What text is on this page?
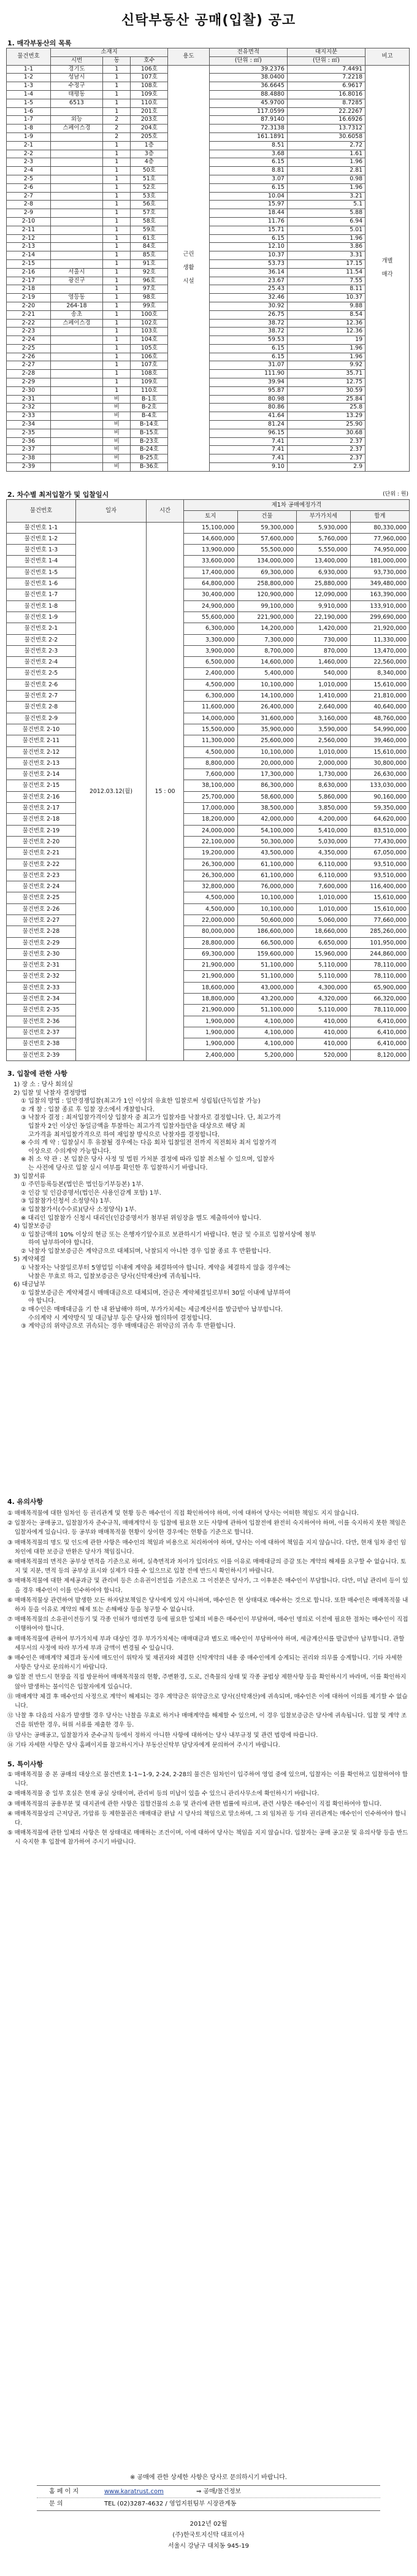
신탁부동산 공매(입찰) 공고
1. 매각부동산의 목록
물건번호	소재지			용도	전유면적	대지지분	비고
	시번	동	호수		(단위 : ㎡)	(단위 : ㎡)	
1-1	경기도	1	106호	근린생활시설	39.2376	7.4491	개별매각
1-2	성남시	1	107호		38.0400	7.2218	
1-3	수정구	1	108호		36.6645	6.9617	
1-4	태평동	1	109호		88.4880	16.8016	
1-5	6513	1	110호		45.9700	8.7285	
1-6		1	201호		117.0599	22.2267	
1-7	외능	2	203호		87.9140	16.6926	
1-8	스페이스경	2	204호		72.3138	13.7312	
1-9		2	205호		161.1891	30.6058	
2-1		1	1층		8.51	2.72	
2-2		1	3층		3.68	1.61	
2-3		1	4층		6.15	1.96	
2-4		1	50호		8.81	2.81	
2-5		1	51호		3.07	0.98	
2-6		1	52호		6.15	1.96	
2-7		1	53호		10.04	3.21	
2-8		1	56호		15.97	5.1	
2-9		1	57호		18.44	5.88	
2-10		1	58호		11.76	6.94	
2-11		1	59호		15.71	5.01	
2-12		1	61호		6.15	1.96	
2-13		1	84호		12.10	3.86	
2-14		1	85호		10.37	3.31	
2-15		1	91호		53.73	17.15	
2-16	서울시	1	92호		36.14	11.54	
2-17	광진구	1	96호		23.67	7.55	
2-18		1	97호		25.43	8.11	
2-19	영등동	1	98호		32.46	10.37	
2-20	264-18	1	99호		30.92	9.88	
2-21	송초	1	100호		26.75	8.54	
2-22	스페이스경	1	102호		38.72	12.36	
2-23		1	103호		38.72	12.36	
2-24		1	104호		59.53	19	
2-25		1	105호		6.15	1.96	
2-26		1	106호		6.15	1.96	
2-27		1	107호		31.07	9.92	
2-28		1	108호		111.90	35.71	
2-29		1	109호		39.94	12.75	
2-30		1	110호		95.87	30.59	
2-31		비	B-1호		80.98	25.84	
2-32		비	B-2호		80.86	25.8	
2-33		비	B-4호		41.64	13.29	
2-34		비	B-14호		81.24	25.90	
2-35		비	B-15호		96.15	30.68	
2-36		비	B-23호		7.41	2.37	
2-37		비	B-24호		7.41	2.37	
2-38		비	B-25호		7.41	2.37	
2-39		비	B-36호		9.10	2.9	
2. 차수별 최저입찰가 및 입찰일시	(단위 : 원)
물건번호	일자	시간	제1차 공매예정가격			
			토지	건물	부가가치세	합계
물건번호 1-1	2012.03.12(월)	15 : 00	15,100,000	59,300,000	5,930,000	80,330,000
물건번호 1-2			14,600,000	57,600,000	5,760,000	77,960,000
물건번호 1-3			13,900,000	55,500,000	5,550,000	74,950,000
물건번호 1-4			33,600,000	134,000,000	13,400,000	181,000,000
물건번호 1-5			17,400,000	69,300,000	6,930,000	93,730,000
물건번호 1-6			64,800,000	258,800,000	25,880,000	349,480,000
물건번호 1-7			30,400,000	120,900,000	12,090,000	163,390,000
물건번호 1-8			24,900,000	99,100,000	9,910,000	133,910,000
물건번호 1-9			55,600,000	221,900,000	22,190,000	299,690,000
물건번호 2-1			6,300,000	14,200,000	1,420,000	21,920,000
물건번호 2-2			3,300,000	7,300,000	730,000	11,330,000
물건번호 2-3			3,900,000	8,700,000	870,000	13,470,000
물건번호 2-4			6,500,000	14,600,000	1,460,000	22,560,000
물건번호 2-5			2,400,000	5,400,000	540,000	8,340,000
물건번호 2-6			4,500,000	10,100,000	1,010,000	15,610,000
물건번호 2-7			6,300,000	14,100,000	1,410,000	21,810,000
물건번호 2-8			11,600,000	26,400,000	2,640,000	40,640,000
물건번호 2-9			14,000,000	31,600,000	3,160,000	48,760,000
물건번호 2-10			15,500,000	35,900,000	3,590,000	54,990,000
물건번호 2-11			11,300,000	25,600,000	2,560,000	39,460,000
물건번호 2-12			4,500,000	10,100,000	1,010,000	15,610,000
물건번호 2-13			8,800,000	20,000,000	2,000,000	30,800,000
물건번호 2-14			7,600,000	17,300,000	1,730,000	26,630,000
물건번호 2-15			38,100,000	86,300,000	8,630,000	133,030,000
물건번호 2-16			25,700,000	58,600,000	5,860,000	90,160,000
물건번호 2-17			17,000,000	38,500,000	3,850,000	59,350,000
물건번호 2-18			18,200,000	42,000,000	4,200,000	64,620,000
물건번호 2-19			24,000,000	54,100,000	5,410,000	83,510,000
물건번호 2-20			22,100,000	50,300,000	5,030,000	77,430,000
물건번호 2-21			19,200,000	43,500,000	4,350,000	67,050,000
물건번호 2-22			26,300,000	61,100,000	6,110,000	93,510,000
물건번호 2-23			26,300,000	61,100,000	6,110,000	93,510,000
물건번호 2-24			32,800,000	76,000,000	7,600,000	116,400,000
물건번호 2-25			4,500,000	10,100,000	1,010,000	15,610,000
물건번호 2-26			4,500,000	10,100,000	1,010,000	15,610,000
물건번호 2-27			22,000,000	50,600,000	5,060,000	77,660,000
물건번호 2-28			80,000,000	186,600,000	18,660,000	285,260,000
물건번호 2-29			28,800,000	66,500,000	6,650,000	101,950,000
물건번호 2-30			69,300,000	159,600,000	15,960,000	244,860,000
물건번호 2-31			21,900,000	51,100,000	5,110,000	78,110,000
물건번호 2-32			21,900,000	51,100,000	5,110,000	78,110,000
물건번호 2-33			18,600,000	43,000,000	4,300,000	65,900,000
물건번호 2-34			18,800,000	43,200,000	4,320,000	66,320,000
물건번호 2-35			21,900,000	51,100,000	5,110,000	78,110,000
물건번호 2-36			1,900,000	4,100,000	410,000	6,410,000
물건번호 2-37			1,900,000	4,100,000	410,000	6,410,000
물건번호 2-38			1,900,000	4,100,000	410,000	6,410,000
물건번호 2-39			2,400,000	5,200,000	520,000	8,120,000
3. 입찰에 관한 사항

1) 장 소 : 당사 회의실

2) 입찰 및 낙찰자 결정방법

① 입찰의 방법 : 일반경쟁입찰(최고가 1인 이상의 유효한 입찰로써 성립됨(단독입찰 가능)

② 개 찰 : 입찰 종료 후 입찰 장소에서 개찰합니다.

③ 낙찰자 결정 : 최저입찰가격이상 입찰자 중 최고가 입찰자를 낙찰자로 결정합니다. 단, 최고가격

입찰자 2인 이상인 동일금액을 투찰하는 최고가격 입찰자들만을 대상으로 해당 최

고가격을 최저입찰가격으로 하여 재입찰 방식으로 낙찰자를 결정합니다.

※ 수의 계 약 : 입찰실시 후 유찰될 경우에는 다음 회차 입찰일전 전까지 직전회차 최저 입찰가격

이상으로 수의계약 가능합니다.

※ 취 소 약 관 : 본 입찰은 당사 사정 및 법원 가처분 결정에 따라 입찰 취소될 수 있으며, 입찰자

는 사전에 당사로 입찰 실시 여부를 확인한 후 입찰하시기 바랍니다.

3) 입찰서류

① 주민등록등본(법인은 법인등기부등본) 1부.

② 인감 및 인감증명서(법인은 사용인감계 포함) 1부.

③ 입찰참가신청서 소정양식) 1부.

④ 입찰참가서(수수료)(당사 소정양식) 1부.

※ 대리인 입찰참가 신청시 대리인(인감증명서가 첨부된 위임장을 별도 제출하여야 합니다.

4) 입찰보증금

① 입찰금액의 10% 이상의 현금 또는 은행자기앞수표로 보관하시기 바랍니다. 현금 및 수표로 입찰서상에 첨부

하여 납부하여야 합니다.

② 낙찰자 입찰보증금은 계약금으로 대체되며, 낙찰되지 아니한 경우 입찰 종료 후 반환합니다.

5) 계약체결

① 낙찰자는 낙찰일로부터 5영업일 이내에 계약을 체결하여야 합니다. 계약을 체결하지 않을 경우에는

낙찰은 무효로 하고, 입찰보증금은 당사(신탁재산)에 귀속됩니다.

6) 대금납부

① 입찰보증금은 계약체결시 매매대금으로 대체되며, 잔금은 계약체결일로부터 30일 이내에 납부하여

야 합니다.

② 매수인은 매매대금을 기 한 내 완납해야 하며, 부가가치세는 세금계산서를 발급받아 납부합니다.

수의계약 시 계약방식 및 대금납부 등은 당사와 협의하여 결정합니다.

③ 계약금의 위약금으로 귀속되는 경우 매매대금은 위약금의 귀속 후 반환합니다.

4. 유의사항

① 매매목적물에 대한 임차인 등 권리관계 및 현황 등은 매수인이 직접 확인하여야 하며, 이에 대하여 당사는 어떠한 책임도 지지 않습니다.

② 입찰자는 공매공고, 입찰참가자 준수규칙, 매매계약서 등 입찰에 필요한 모든 사항에 관하여 입찰전에 완전히 숙지하여야 하며, 이를 숙지하지 못한 책임은 입찰자에게 있습니다. 등 공부와 매매목적물 현황이 상이한 경우에는 현황을 기준으로 합니다.

③ 매매목적물의 명도 및 인도에 관한 사항은 매수인의 책임과 비용으로 처리하여야 하며, 당사는 이에 대하여 책임을 지지 않습니다. 다만, 현재 임차 중인 임차인에 대한 보증금 반환은 당사가 책임집니다.

④ 매매목적물의 면적은 공부상 면적을 기준으로 하며, 실측면적과 차이가 있더라도 이를 이유로 매매대금의 증감 또는 계약의 해제를 요구할 수 없습니다. 토지 및 지분, 면적 등의 공부상 표시와 실제가 다를 수 있으므로 입찰 전에 반드시 확인하시기 바랍니다.

⑤ 매매목적물에 대한 제세공과금 및 관리비 등은 소유권이전일을 기준으로 그 이전분은 당사가, 그 이후분은 매수인이 부담합니다. 다만, 미납 관리비 등이 있을 경우 매수인이 이를 인수하여야 합니다.

⑥ 매매목적물상 관련하여 발생한 모든 하자담보책임은 당사에게 있지 아니하며, 매수인은 현 상태대로 매수하는 것으로 합니다. 또한 매수인은 매매목적물 내 하자 등을 이유로 계약의 해제 또는 손해배상 등을 청구할 수 없습니다.

⑦ 매매목적물의 소유권이전등기 및 각종 인허가 명의변경 등에 필요한 일체의 비용은 매수인이 부담하며, 매수인 명의로 이전에 필요한 절차는 매수인이 직접 이행하여야 합니다.

⑧ 매매목적물에 관하여 부가가치세 부과 대상인 경우 부가가치세는 매매대금과 별도로 매수인이 부담하여야 하며, 세금계산서를 발급받아 납부합니다. 관할 세무서의 사정에 따라 부가세 부과 금액이 변경될 수 있습니다.

⑨ 매수인은 매매계약 체결과 동시에 매도인이 위탁자 및 채권자와 체결한 신탁계약의 내용 중 매수인에게 승계되는 권리와 의무를 승계합니다. 기타 자세한 사항은 당사로 문의하시기 바랍니다.

⑩ 입찰 전 반드시 현장을 직접 방문하여 매매목적물의 현황, 주변환경, 도로, 건축물의 상태 및 각종 공법상 제한사항 등을 확인하시기 바라며, 이를 확인하지 않아 발생하는 불이익은 입찰자에게 있습니다.

⑪ 매매계약 체결 후 매수인의 사정으로 계약이 해제되는 경우 계약금은 위약금으로 당사(신탁재산)에 귀속되며, 매수인은 이에 대하여 이의를 제기할 수 없습니다.

⑫ 낙찰 후 다음의 사유가 발생할 경우 당사는 낙찰을 무효로 하거나 매매계약을 해제할 수 있으며, 이 경우 입찰보증금은 당사에 귀속됩니다. 입찰 및 계약 조건을 위반한 경우, 허위 서류를 제출한 경우 등.

⑬ 당사는 공매공고, 입찰참가자 준수규칙 등에서 정하지 아니한 사항에 대하여는 당사 내부규정 및 관련 법령에 따릅니다.

⑭ 기타 자세한 사항은 당사 홈페이지를 참고하시거나 부동산신탁부 담당자에게 문의하여 주시기 바랍니다.

5. 특이사항

① 매매목적물 중 본 공매의 대상으로 물건번호 1-1~1-9, 2-24, 2-28의 물건은 임차인이 입주하여 영업 중에 있으며, 입찰자는 이를 확인하고 입찰하여야 합니다.

② 매매목적물 중 일부 호실은 현재 공실 상태이며, 관리비 등의 미납이 있을 수 있으니 관리사무소에 확인하시기 바랍니다.

③ 매매목적물의 공용부분 및 대지권에 관한 사항은 집합건물의 소유 및 관리에 관한 법률에 따르며, 관련 사항은 매수인이 직접 확인하여야 합니다.

④ 매매목적물상의 근저당권, 가압류 등 제한물권은 매매대금 완납 시 당사의 책임으로 말소하며, 그 외 임차권 등 기타 권리관계는 매수인이 인수하여야 합니다.

⑤ 매매목적물에 관한 일체의 사항은 현 상태대로 매매하는 조건이며, 이에 대하여 당사는 책임을 지지 않습니다. 입찰자는 공매 공고문 및 유의사항 등을 반드시 숙지한 후 입찰에 참가하여 주시기 바랍니다.

※ 공매에 관한 상세한 사항은 당사로 문의하시기 바랍니다.
홈 페 이 지	www.karatrust.com	⇒ 공매/물건정보
문 의	TEL (02)3287-4632 / 영업지원팀부 시장관계동
2012년 02월
(주)한국토지신탁 대표이사
서울시 강남구 대치동 945-19
